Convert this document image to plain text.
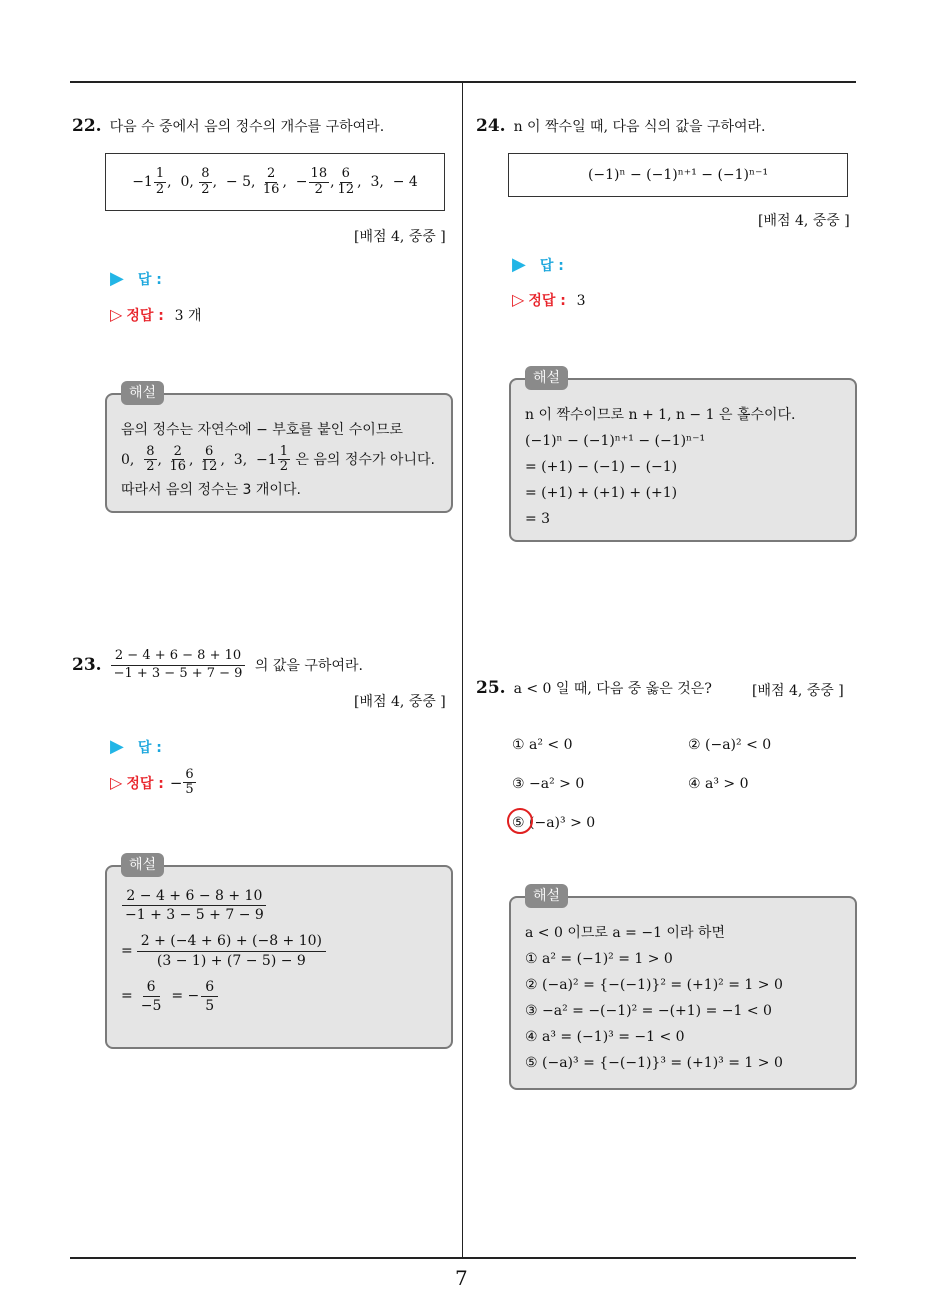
7
22. 다음 수 중에서 음의 정수의 개수를 구하여라.
$-1 \frac{1}{2}$ ,  0, $\frac{8}{2}$ ,  − 5, $\frac{2}{16}$ ,  − $\frac{18}{2}$ , $\frac{6}{12}$ ,  3,  − 4
[배점 4, 중중 ]
▶ 답 :
▷ 정답 : 3 개
해설
음의 정수는 자연수에 − 부호를 붙인 수이므로
0, $\frac{8}{2}$ , $\frac{2}{16}$ , $\frac{6}{12}$ ,  3,  $-1 \frac{1}{2}$ 은 음의 정수가 아니다.
따라서 음의 정수는 3 개이다.
23.	2 − 4 + 6 − 8 + 10
−1 + 3 − 5 + 7 − 9 의 값을 구하여라.
[배점 4, 중중 ]
▶ 답 :
▷ 정답 : − $\frac{6}{5}$
해설
$\frac{2 - 4 + 6 - 8 + 10}{-1 + 3 - 5 + 7 - 9}$
= $\frac{2 + (-4 + 6) + (-8 + 10)}{(3 - 1) + (7 - 5) - 9}$
= $\frac{6}{-5}$ = − $\frac{6}{5}$
24. n 이 짝수일 때, 다음 식의 값을 구하여라.
(−1)ⁿ − (−1)ⁿ⁺¹ − (−1)ⁿ⁻¹
[배점 4, 중중 ]
▶ 답 :
▷ 정답 : 3
해설
n 이 짝수이므로 n + 1, n − 1 은 홀수이다.
(−1)ⁿ − (−1)ⁿ⁺¹ − (−1)ⁿ⁻¹
= (+1) − (−1) − (−1)
= (+1) + (+1) + (+1)
= 3
25. a < 0 일 때, 다음 중 옳은 것은?	[배점 4, 중중 ]
① a² < 0	② (−a)² < 0
③ −a² > 0	④ a³ > 0
⑤ (−a)³ > 0
해설
a < 0 이므로 a = −1 이라 하면
① a² = (−1)² = 1 > 0
② (−a)² = {−(−1)}² = (+1)² = 1 > 0
③ −a² = −(−1)² = −(+1) = −1 < 0
④ a³ = (−1)³ = −1 < 0
⑤ (−a)³ = {−(−1)}³ = (+1)³ = 1 > 0
